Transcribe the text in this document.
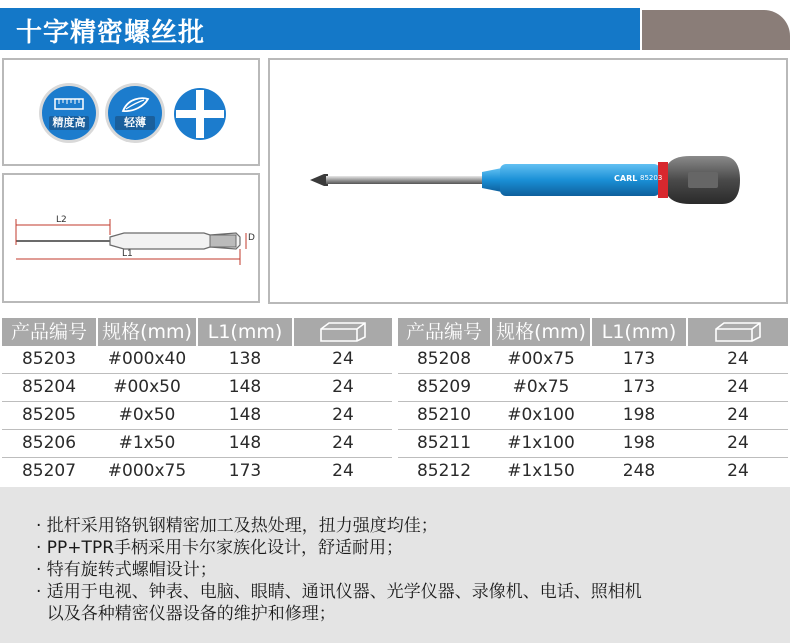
十字精密螺丝批
精度高	轻薄
L2
L1
D
CARL 85203
产品编号 规格(mm) L1(mm)	产品编号 规格(mm) L1(mm)
85203	#000x40	138	24
85204	#00x50	148	24
85205	#0x50	148	24
85206	#1x50	148	24
85207	#000x75	173	24
85208	#00x75	173	24
85209	#0x75	173	24
85210	#0x100	198	24
85211	#1x100	198	24
85212	#1x150	248	24
· 批杆采用铬钒钢精密加工及热处理，扭力强度均佳；
· PP+TPR手柄采用卡尔家族化设计，舒适耐用；
· 特有旋转式螺帽设计；
· 适用于电视、钟表、电脑、眼睛、通讯仪器、光学仪器、录像机、电话、照相机
以及各种精密仪器设备的维护和修理；
